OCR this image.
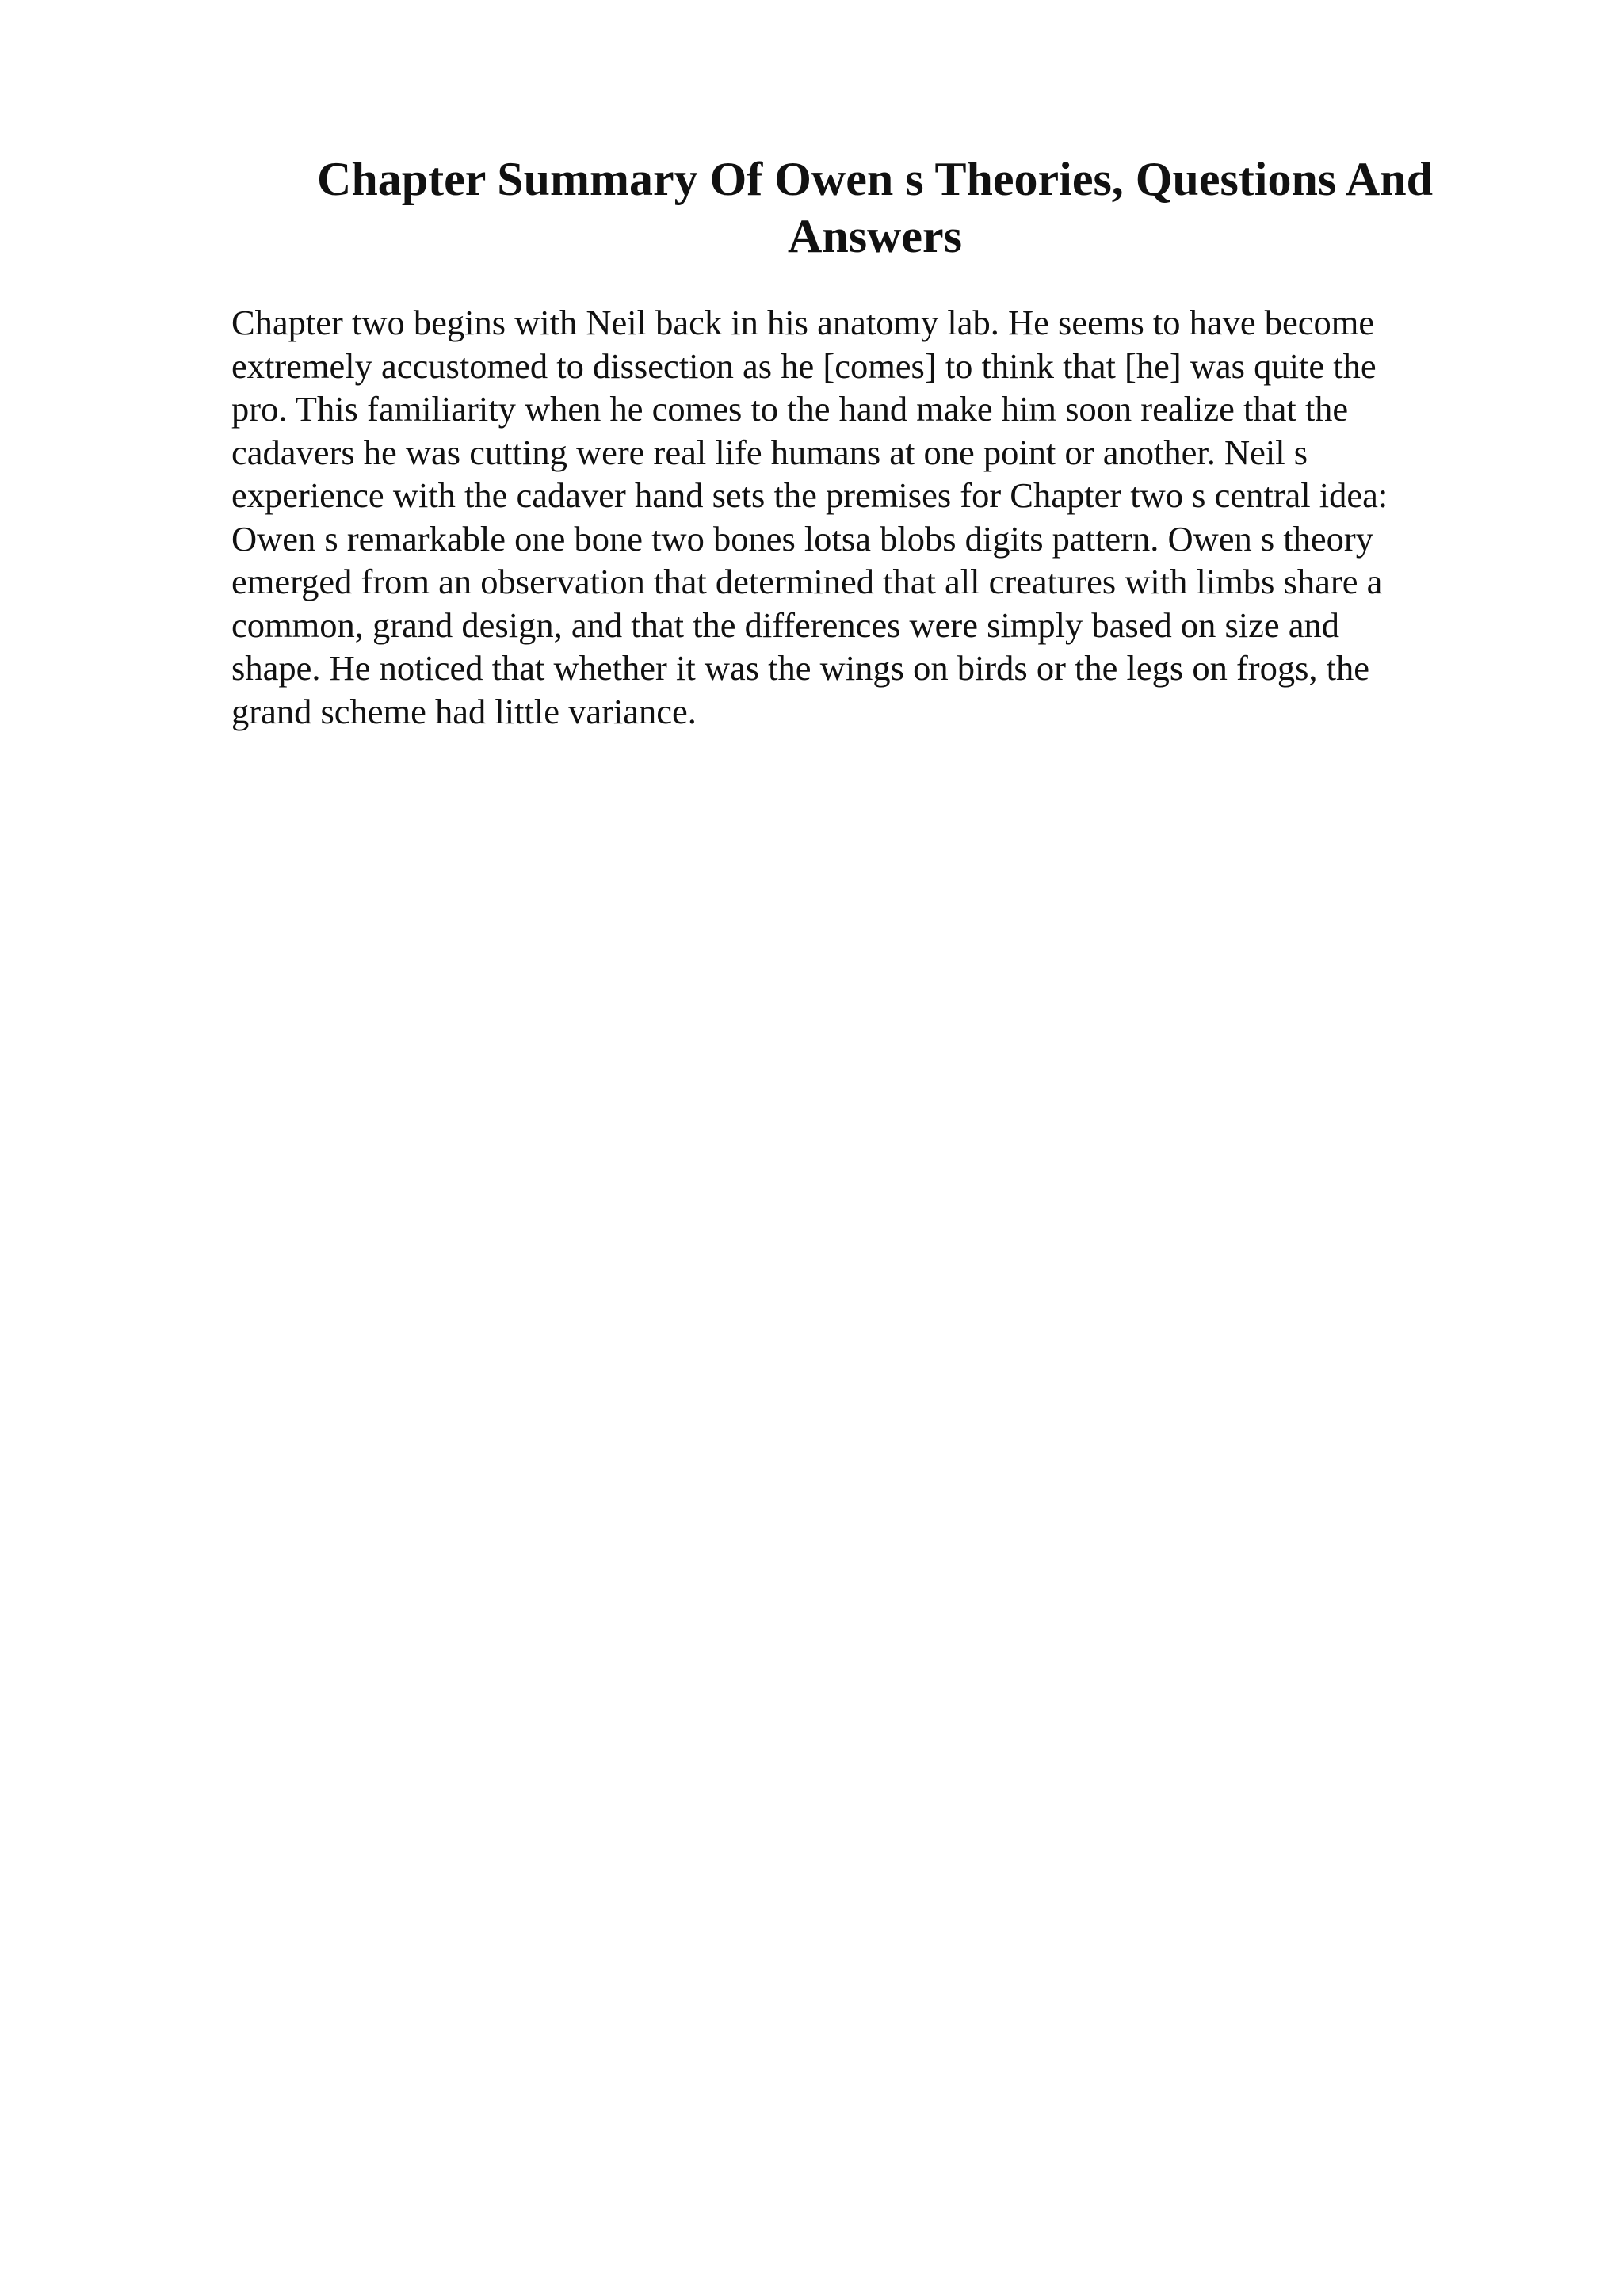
Chapter Summary Of Owen s Theories, Questions And Answers

Chapter two begins with Neil back in his anatomy lab. He seems to have become
extremely accustomed to dissection as he [comes] to think that [he] was quite the
pro. This familiarity when he comes to the hand make him soon realize that the
cadavers he was cutting were real life humans at one point or another. Neil s
experience with the cadaver hand sets the premises for Chapter two s central idea:
Owen s remarkable one bone two bones lotsa blobs digits pattern. Owen s theory
emerged from an observation that determined that all creatures with limbs share a
common, grand design, and that the differences were simply based on size and
shape. He noticed that whether it was the wings on birds or the legs on frogs, the
grand scheme had little variance.
